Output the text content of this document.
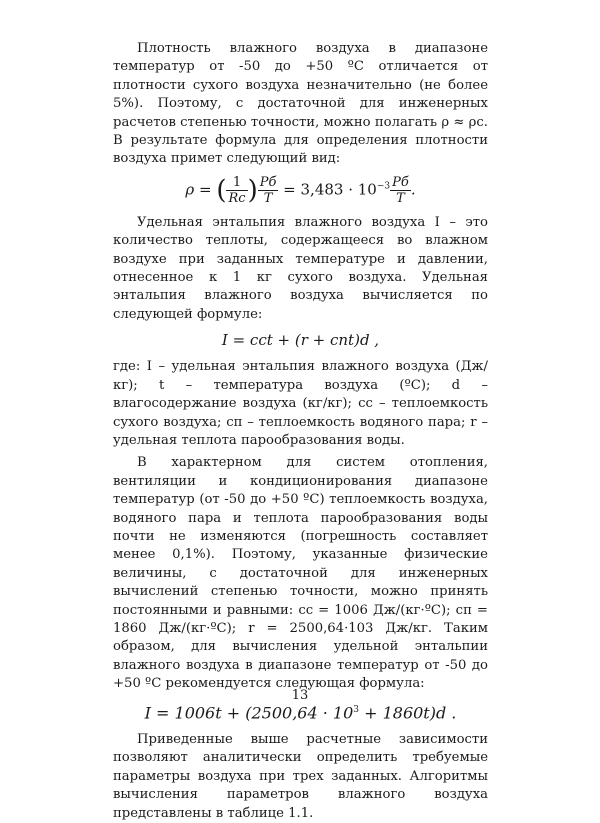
Плотность влажного воздуха в диапазоне температур от -50 до +50 ºС отличается от плотности сухого воздуха незначительно (не более 5%). Поэтому, с достаточной для инженерных расчетов степенью точности, можно полагать ρ ≈ ρс. В результате формула для определения плотности воздуха примет следующий вид:

ρ = ( $\frac{1}{Rc}$ ) $\frac{Pб}{T} = 3,483 \cdot 10^{-3} \frac{Pб}{T}$ .

Удельная энтальпия влажного воздуха I – это количество теплоты, содержащееся во влажном воздухе при заданных температуре и давлении, отнесенное к 1 кг сухого воздуха. Удельная энтальпия влажного воздуха вычисляется по следующей формуле:

I = cсt + (r + cпt)d ,

где: I – удельная энтальпия влажного воздуха (Дж/кг); t – температура воздуха (ºС); d – влагосодержание воздуха (кг/кг); cс – теплоемкость сухого воздуха; cп – теплоемкость водяного пара; r – удельная теплота парообразования воды.

В характерном для систем отопления, вентиляции и кондиционирования диапазоне температур (от -50 до +50 ºС) теплоемкость воздуха, водяного пара и теплота парообразования воды почти не изменяются (погрешность составляет менее 0,1%). Поэтому, указанные физические величины, с достаточной для инженерных вычислений степенью точности, можно принять постоянными и равными: cс = 1006 Дж/(кг·ºС); cп = 1860 Дж/(кг·ºС); r = 2500,64·103 Дж/кг. Таким образом, для вычисления удельной энтальпии влажного воздуха в диапазоне температур от -50 до +50 ºС рекомендуется следующая формула:

$I = 1006t + (2500,64 \cdot 10^3 + 1860t)d$ .

Приведенные выше расчетные зависимости позволяют аналитически определить требуемые параметры воздуха при трех заданных. Алгоритмы вычисления параметров влажного воздуха представлены в таблице 1.1.

13
